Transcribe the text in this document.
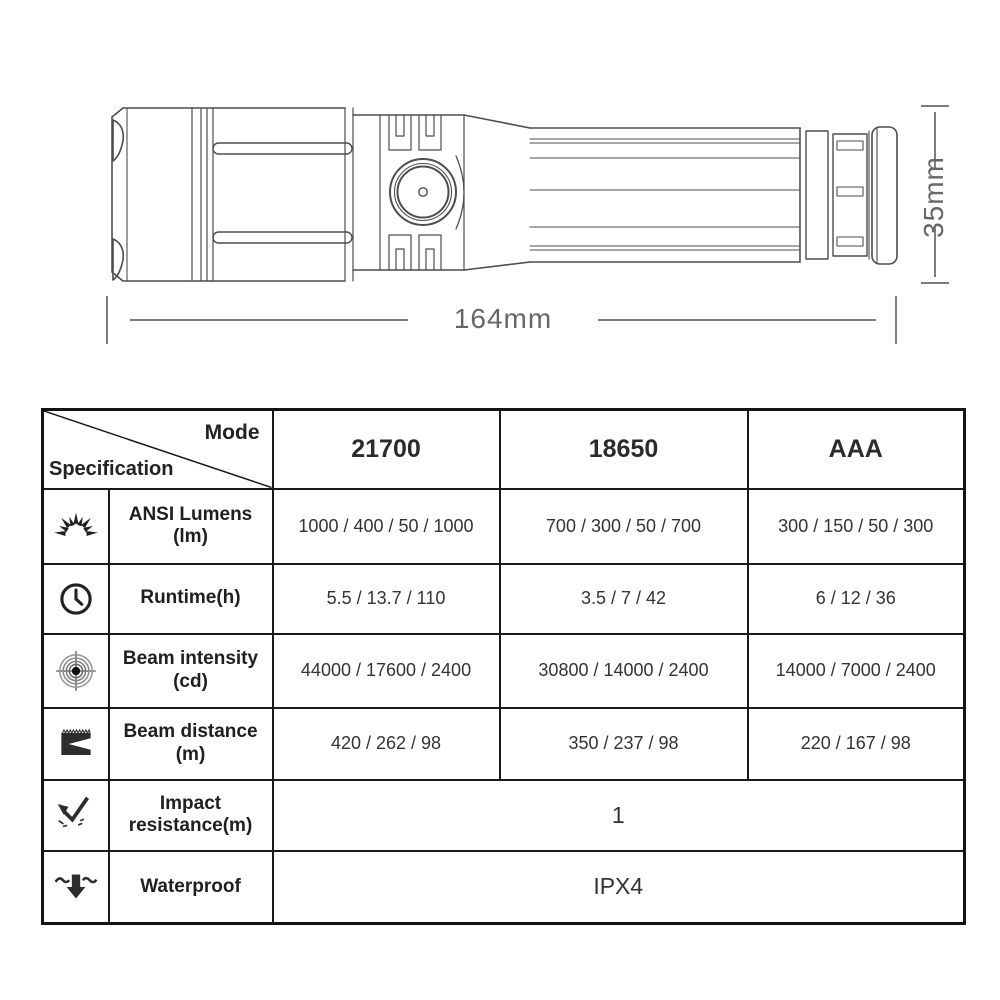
164mm
35mm
Mode
Specification		21700	18650	AAA

	ANSI Lumens (lm)	1000 / 400 / 50 / 1000	700 / 300 / 50 / 700	300 / 150 / 50 / 300

	Runtime(h)	5.5 / 13.7 / 110	3.5 / 7 / 42	6 / 12 / 36

	Beam intensity (cd)	44000 / 17600 / 2400	30800 / 14000 / 2400	14000 / 7000 / 2400

	Beam distance (m)	420 / 262 / 98	350 / 237 / 98	220 / 167 / 98

	Impact resistance(m)	1		

	Waterproof	IPX4		
